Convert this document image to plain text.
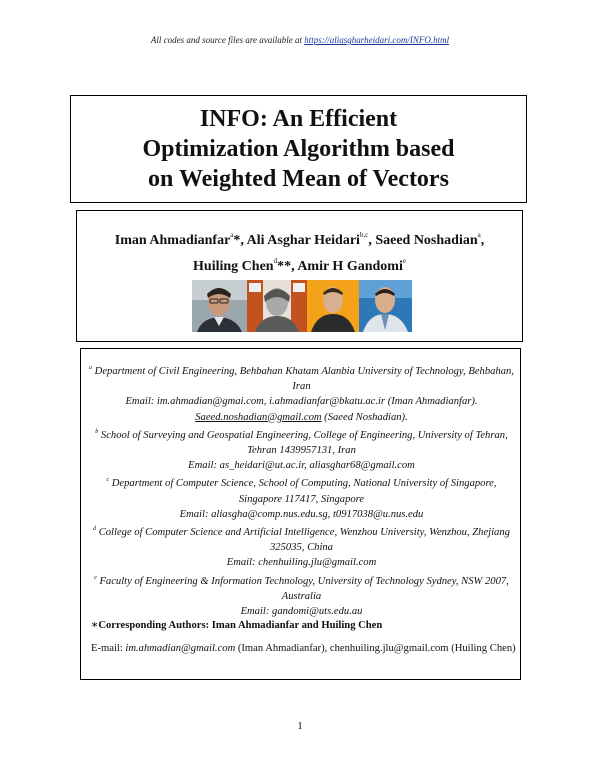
All codes and source files are available at https://aliasgharheidari.com/INFO.html
INFO: An Efficient
Optimization Algorithm based
on Weighted Mean of Vectors
Iman Ahmadianfar$^a$*, Ali Asghar Heidari$^{b,c}$, Saeed Noshadian$^a$,
Huiling Chen$^d$**, Amir H Gandomi$^e$

$^a$ Department of Civil Engineering, Behbahan Khatam Alanbia University of Technology, Behbahan, Iran

Email: im.ahmadian@gmai.com, i.ahmadianfar@bkatu.ac.ir (Iman Ahmadianfar).

Saeed.noshadian@gmail.com (Saeed Noshadian).

$^b$ School of Surveying and Geospatial Engineering, College of Engineering, University of Tehran, Tehran 1439957131, Iran

Email: as_heidari@ut.ac.ir, aliasghar68@gmail.com

$^c$ Department of Computer Science, School of Computing, National University of Singapore, Singapore 117417, Singapore

Email: aliasgha@comp.nus.edu.sg, t0917038@u.nus.edu

$^d$ College of Computer Science and Artificial Intelligence, Wenzhou University, Wenzhou, Zhejiang 325035, China

Email: chenhuiling.jlu@gmail.com

$^e$ Faculty of Engineering & Information Technology, University of Technology Sydney, NSW 2007, Australia

Email: gandomi@uts.edu.au

∗Corresponding Authors: Iman Ahmadianfar and Huiling Chen
E-mail: im.ahmadian@gmail.com (Iman Ahmadianfar), chenhuiling.jlu@gmail.com (Huiling Chen)
1
